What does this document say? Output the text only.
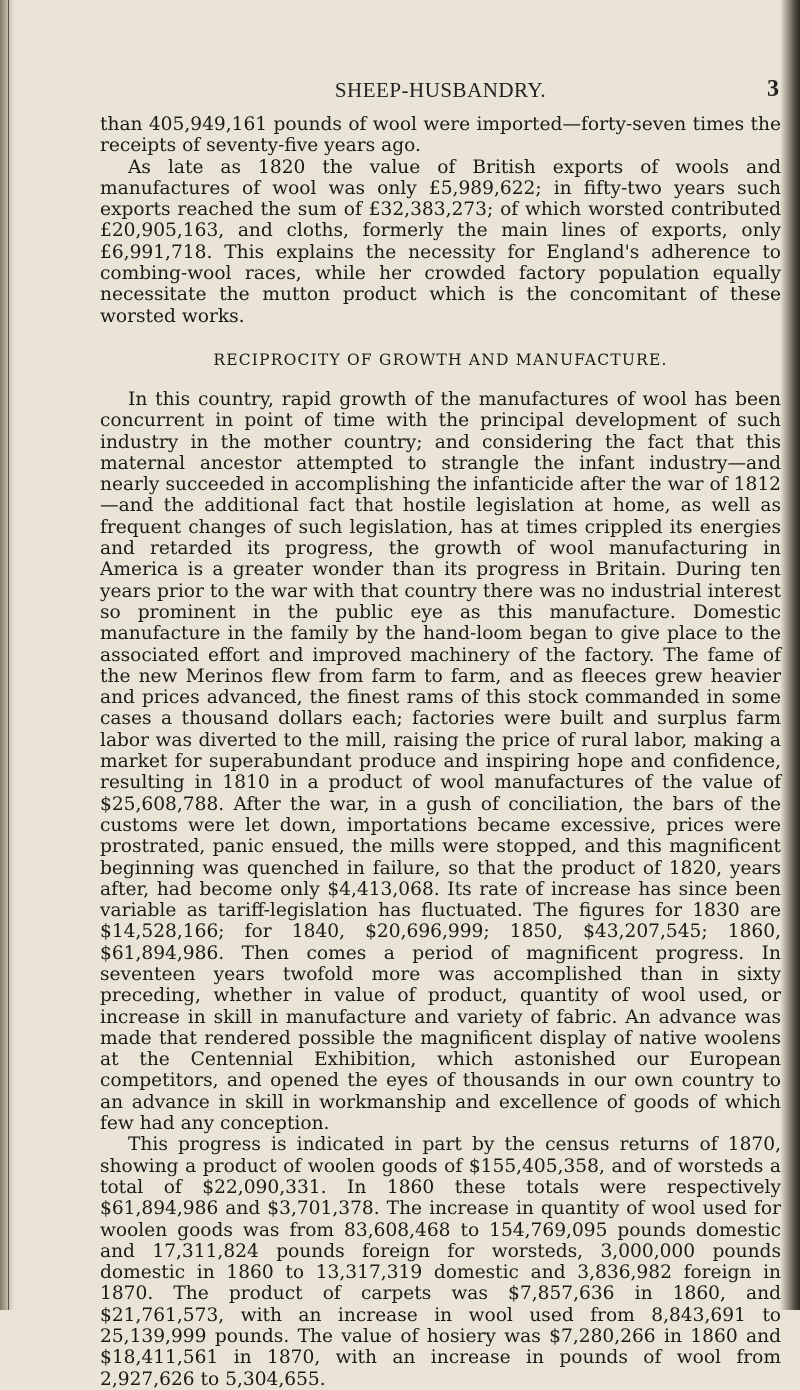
SHEEP-HUSBANDRY.	3

than 405,949,161 pounds of wool were imported—forty-seven times the receipts of seventy-five years ago.

As late as 1820 the value of British exports of wools and manufactures of wool was only £5,989,622; in fifty-two years such exports reached the sum of £32,383,273; of which worsted contributed £20,905,163, and cloths, formerly the main lines of exports, only £6,991,718. This explains the necessity for England's adherence to combing-wool races, while her crowded factory population equally necessitate the mutton product which is the concomitant of these worsted works.

RECIPROCITY OF GROWTH AND MANUFACTURE.

In this country, rapid growth of the manufactures of wool has been concurrent in point of time with the principal development of such industry in the mother country; and considering the fact that this maternal ancestor attempted to strangle the infant industry—and nearly succeeded in accomplishing the infanticide after the war of 1812—and the additional fact that hostile legislation at home, as well as frequent changes of such legislation, has at times crippled its energies and retarded its progress, the growth of wool manufacturing in America is a greater wonder than its progress in Britain. During ten years prior to the war with that country there was no industrial interest so prominent in the public eye as this manufacture. Domestic manufacture in the family by the hand-loom began to give place to the associated effort and improved machinery of the factory. The fame of the new Merinos flew from farm to farm, and as fleeces grew heavier and prices advanced, the finest rams of this stock commanded in some cases a thousand dollars each; factories were built and surplus farm labor was diverted to the mill, raising the price of rural labor, making a market for superabundant produce and inspiring hope and confidence, resulting in 1810 in a product of wool manufactures of the value of $25,608,788. After the war, in a gush of conciliation, the bars of the customs were let down, importations became excessive, prices were prostrated, panic ensued, the mills were stopped, and this magnificent beginning was quenched in failure, so that the product of 1820, years after, had become only $4,413,068. Its rate of increase has since been variable as tariff-legislation has fluctuated. The figures for 1830 are $14,528,166; for 1840, $20,696,999; 1850, $43,207,545; 1860, $61,894,986. Then comes a period of magnificent progress. In seventeen years twofold more was accomplished than in sixty preceding, whether in value of product, quantity of wool used, or increase in skill in manufacture and variety of fabric. An advance was made that rendered possible the magnificent display of native woolens at the Centennial Exhibition, which astonished our European competitors, and opened the eyes of thousands in our own country to an advance in skill in workmanship and excellence of goods of which few had any conception.

This progress is indicated in part by the census returns of 1870, showing a product of woolen goods of $155,405,358, and of worsteds a total of $22,090,331. In 1860 these totals were respectively $61,894,986 and $3,701,378. The increase in quantity of wool used for woolen goods was from 83,608,468 to 154,769,095 pounds domestic and 17,311,824 pounds foreign for worsteds, 3,000,000 pounds domestic in 1860 to 13,317,319 domestic and 3,836,982 foreign in 1870. The product of carpets was $7,857,636 in 1860, and $21,761,573, with an increase in wool used from 8,843,691 to 25,139,999 pounds. The value of hosiery was $7,280,266 in 1860 and $18,411,561 in 1870, with an increase in pounds of wool from 2,927,626 to 5,304,655.
